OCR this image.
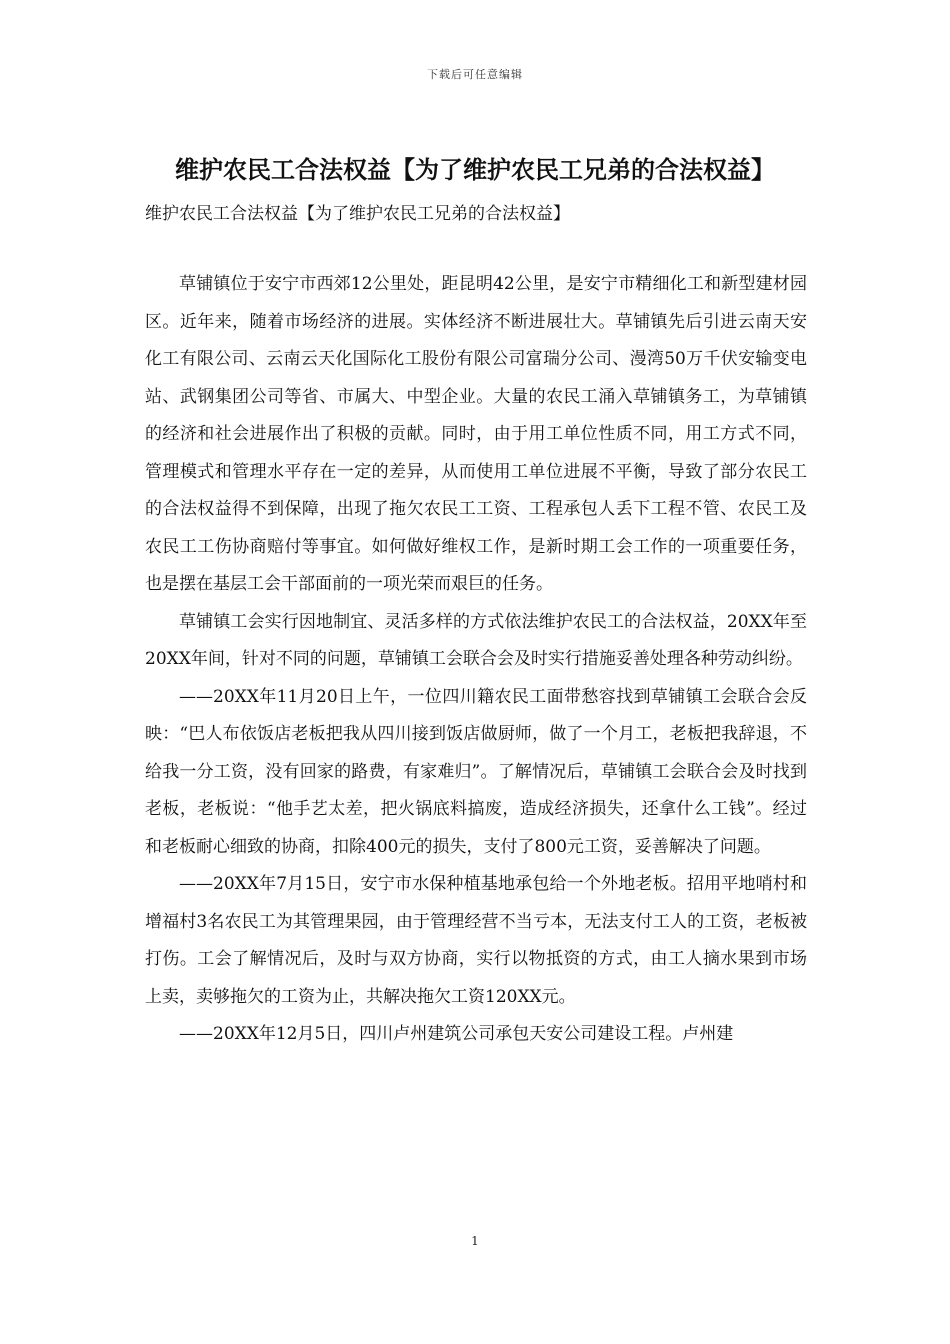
下载后可任意编辑
维护农民工合法权益【为了维护农民工兄弟的合法权益】

维护农民工合法权益【为了维护农民工兄弟的合法权益】

草铺镇位于安宁市西郊12公里处，距昆明42公里，是安宁市精细化工和新型建材园区。近年来，随着市场经济的进展。实体经济不断进展壮大。草铺镇先后引进云南天安化工有限公司、云南云天化国际化工股份有限公司富瑞分公司、漫湾50万千伏安输变电站、武钢集团公司等省、市属大、中型企业。大量的农民工涌入草铺镇务工，为草铺镇的经济和社会进展作出了积极的贡献。同时，由于用工单位性质不同，用工方式不同，管理模式和管理水平存在一定的差异，从而使用工单位进展不平衡，导致了部分农民工的合法权益得不到保障，出现了拖欠农民工工资、工程承包人丢下工程不管、农民工及农民工工伤协商赔付等事宜。如何做好维权工作，是新时期工会工作的一项重要任务，也是摆在基层工会干部面前的一项光荣而艰巨的任务。

草铺镇工会实行因地制宜、灵活多样的方式依法维护农民工的合法权益，20XX年至20XX年间，针对不同的问题，草铺镇工会联合会及时实行措施妥善处理各种劳动纠纷。

——20XX年11月20日上午，一位四川籍农民工面带愁容找到草铺镇工会联合会反映：“巴人布依饭店老板把我从四川接到饭店做厨师，做了一个月工，老板把我辞退，不给我一分工资，没有回家的路费，有家难归”。了解情况后，草铺镇工会联合会及时找到老板，老板说：“他手艺太差，把火锅底料搞废，造成经济损失，还拿什么工钱”。经过和老板耐心细致的协商，扣除400元的损失，支付了800元工资，妥善解决了问题。

——20XX年7月15日，安宁市水保种植基地承包给一个外地老板。招用平地哨村和增福村3名农民工为其管理果园，由于管理经营不当亏本，无法支付工人的工资，老板被打伤。工会了解情况后，及时与双方协商，实行以物抵资的方式，由工人摘水果到市场上卖，卖够拖欠的工资为止，共解决拖欠工资120XX元。

——20XX年12月5日，四川卢州建筑公司承包天安公司建设工程。卢州建

1
